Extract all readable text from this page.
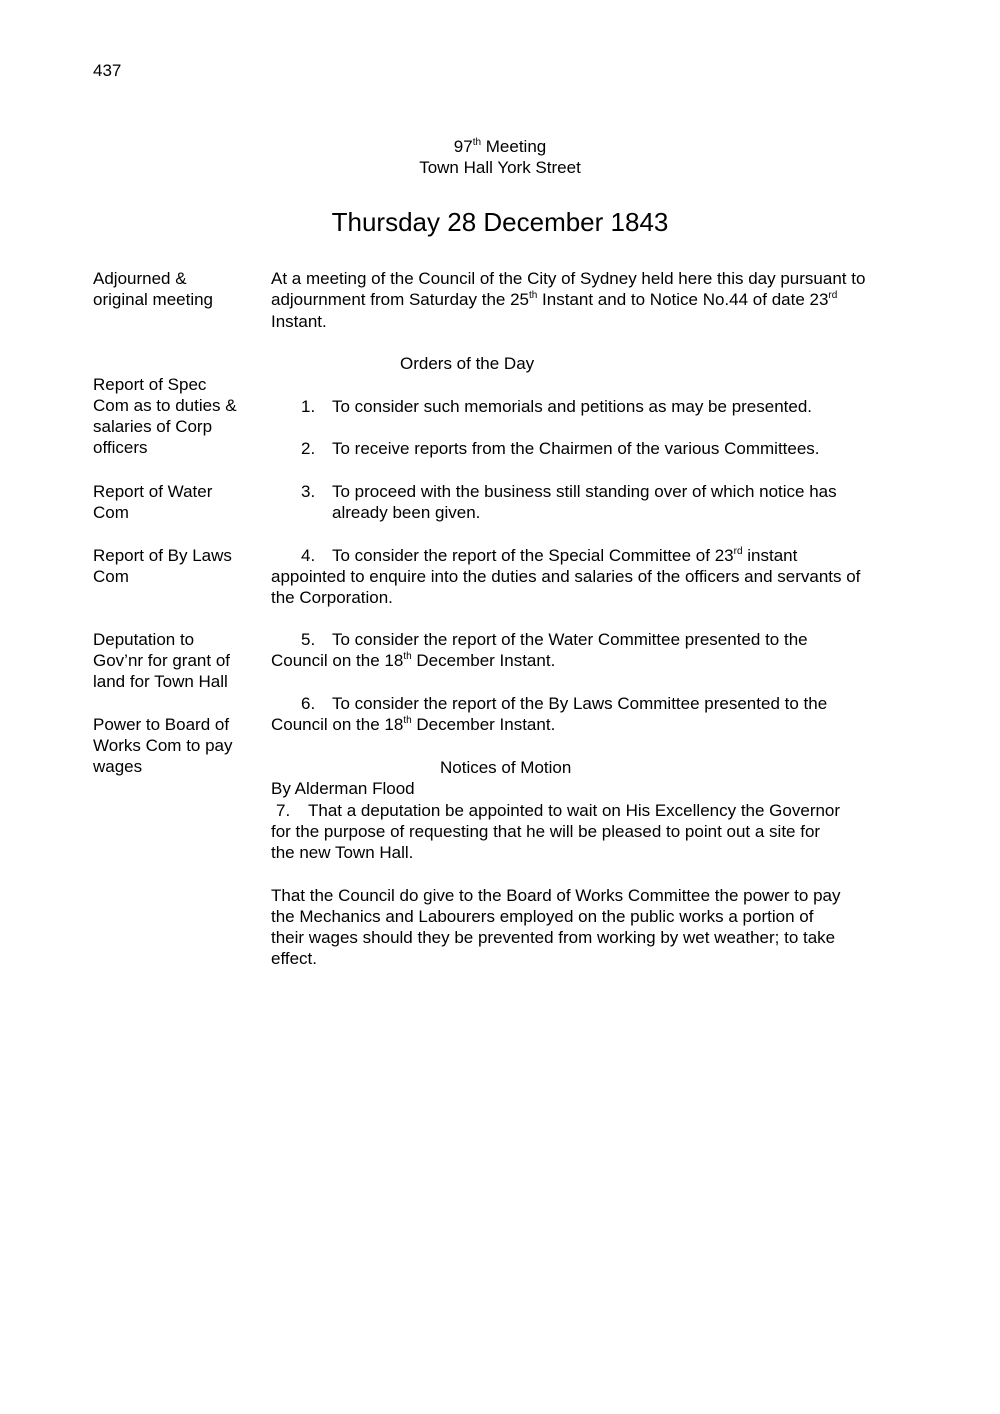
437
97th Meeting
Town Hall York Street
Thursday 28 December 1843
Adjourned &
original meeting
Report of Spec
Com as to duties &
salaries of Corp
officers
Report of Water
Com
Report of By Laws
Com
Deputation to
Gov’nr for grant of
land for Town Hall
Power to Board of
Works Com to pay
wages
At a meeting of the Council of the City of Sydney held here this day pursuant to
adjournment from Saturday the 25th Instant and to Notice No.44 of date 23rd
Instant.
Orders of the Day
1. To consider such memorials and petitions as may be presented.
2. To receive reports from the Chairmen of the various Committees.
3. To proceed with the business still standing over of which notice has
already been given.
4. To consider the report of the Special Committee of 23rd instant
appointed to enquire into the duties and salaries of the officers and servants of
the Corporation.
5. To consider the report of the Water Committee presented to the
Council on the 18th December Instant.
6. To consider the report of the By Laws Committee presented to the
Council on the 18th December Instant.
Notices of Motion
By Alderman Flood
7. That a deputation be appointed to wait on His Excellency the Governor
for the purpose of requesting that he will be pleased to point out a site for
the new Town Hall.
That the Council do give to the Board of Works Committee the power to pay
the Mechanics and Labourers employed on the public works a portion of
their wages should they be prevented from working by wet weather; to take
effect.
